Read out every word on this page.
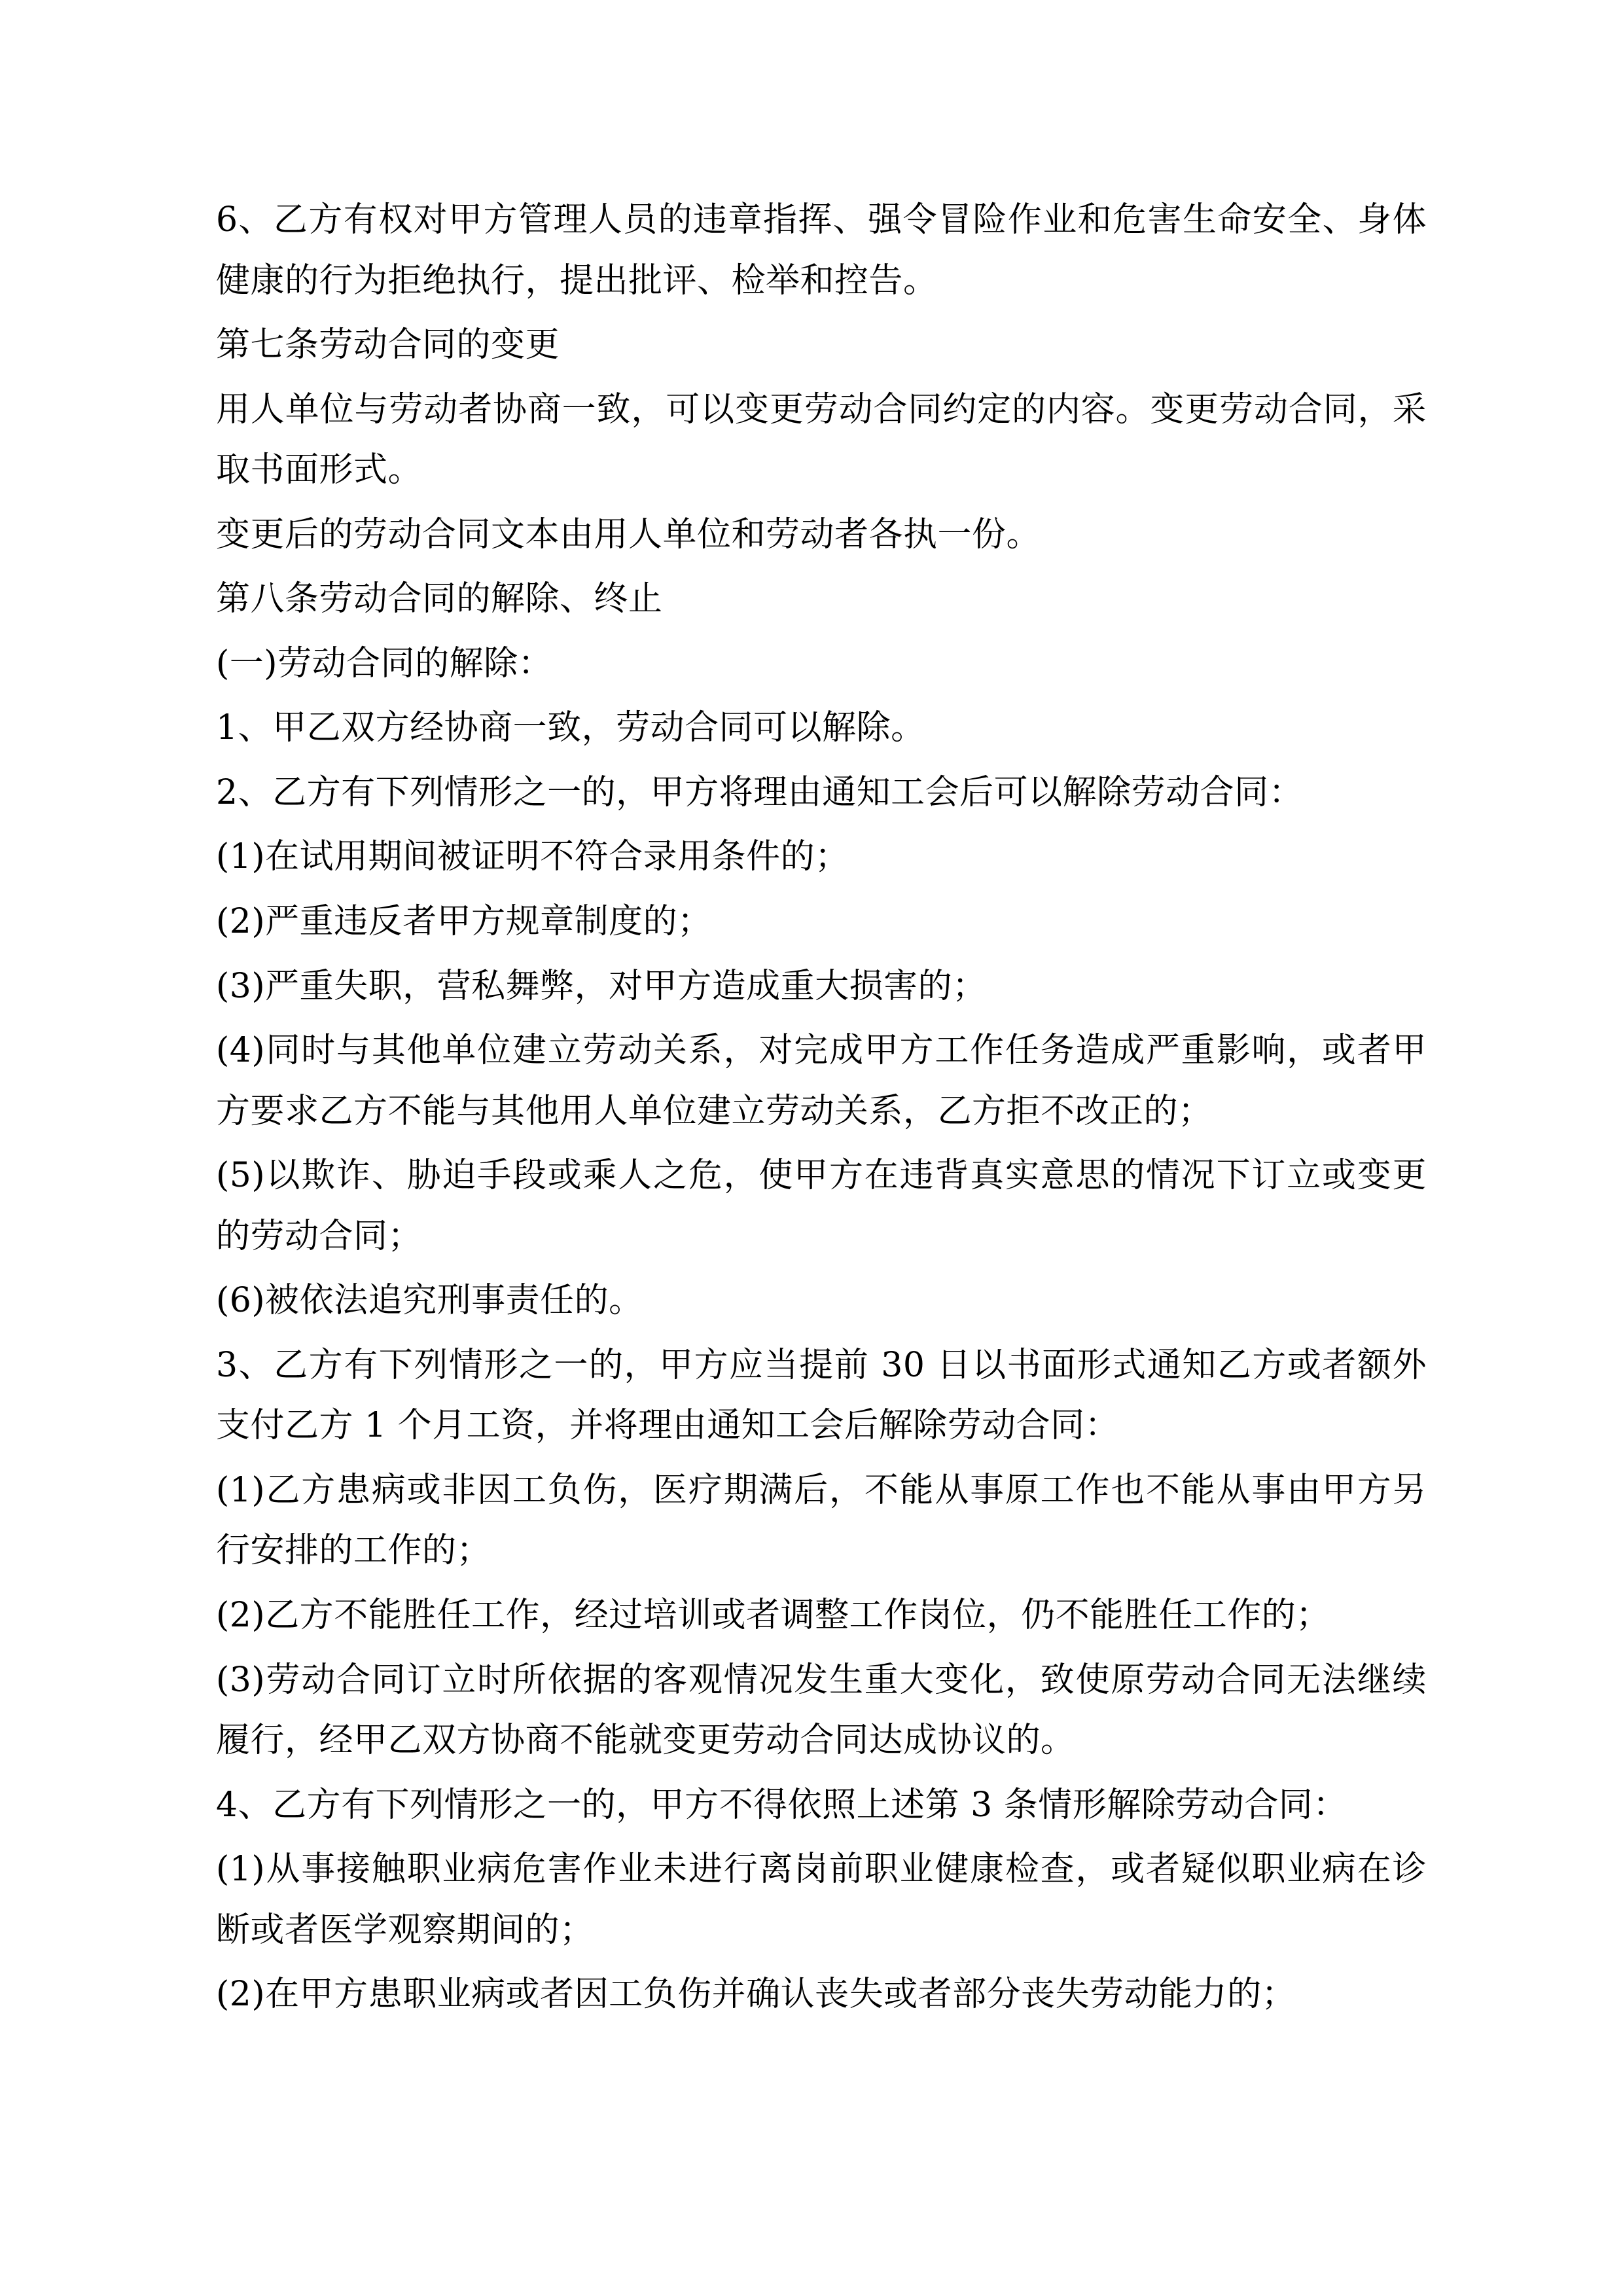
6、乙方有权对甲方管理人员的违章指挥、强令冒险作业和危害生命安全、身体健康的行为拒绝执行，提出批评、检举和控告。

第七条劳动合同的变更

用人单位与劳动者协商一致，可以变更劳动合同约定的内容。变更劳动合同，采取书面形式。

变更后的劳动合同文本由用人单位和劳动者各执一份。

第八条劳动合同的解除、终止

(一)劳动合同的解除：

1、甲乙双方经协商一致，劳动合同可以解除。

2、乙方有下列情形之一的，甲方将理由通知工会后可以解除劳动合同：

(1)在试用期间被证明不符合录用条件的；

(2)严重违反者甲方规章制度的；

(3)严重失职，营私舞弊，对甲方造成重大损害的；

(4)同时与其他单位建立劳动关系，对完成甲方工作任务造成严重影响，或者甲方要求乙方不能与其他用人单位建立劳动关系，乙方拒不改正的；

(5)以欺诈、胁迫手段或乘人之危，使甲方在违背真实意思的情况下订立或变更的劳动合同；

(6)被依法追究刑事责任的。

3、乙方有下列情形之一的，甲方应当提前 30 日以书面形式通知乙方或者额外支付乙方 1 个月工资，并将理由通知工会后解除劳动合同：

(1)乙方患病或非因工负伤，医疗期满后，不能从事原工作也不能从事由甲方另行安排的工作的；

(2)乙方不能胜任工作，经过培训或者调整工作岗位，仍不能胜任工作的；

(3)劳动合同订立时所依据的客观情况发生重大变化，致使原劳动合同无法继续履行，经甲乙双方协商不能就变更劳动合同达成协议的。

4、乙方有下列情形之一的，甲方不得依照上述第 3 条情形解除劳动合同：

(1)从事接触职业病危害作业未进行离岗前职业健康检查，或者疑似职业病在诊断或者医学观察期间的；

(2)在甲方患职业病或者因工负伤并确认丧失或者部分丧失劳动能力的；
